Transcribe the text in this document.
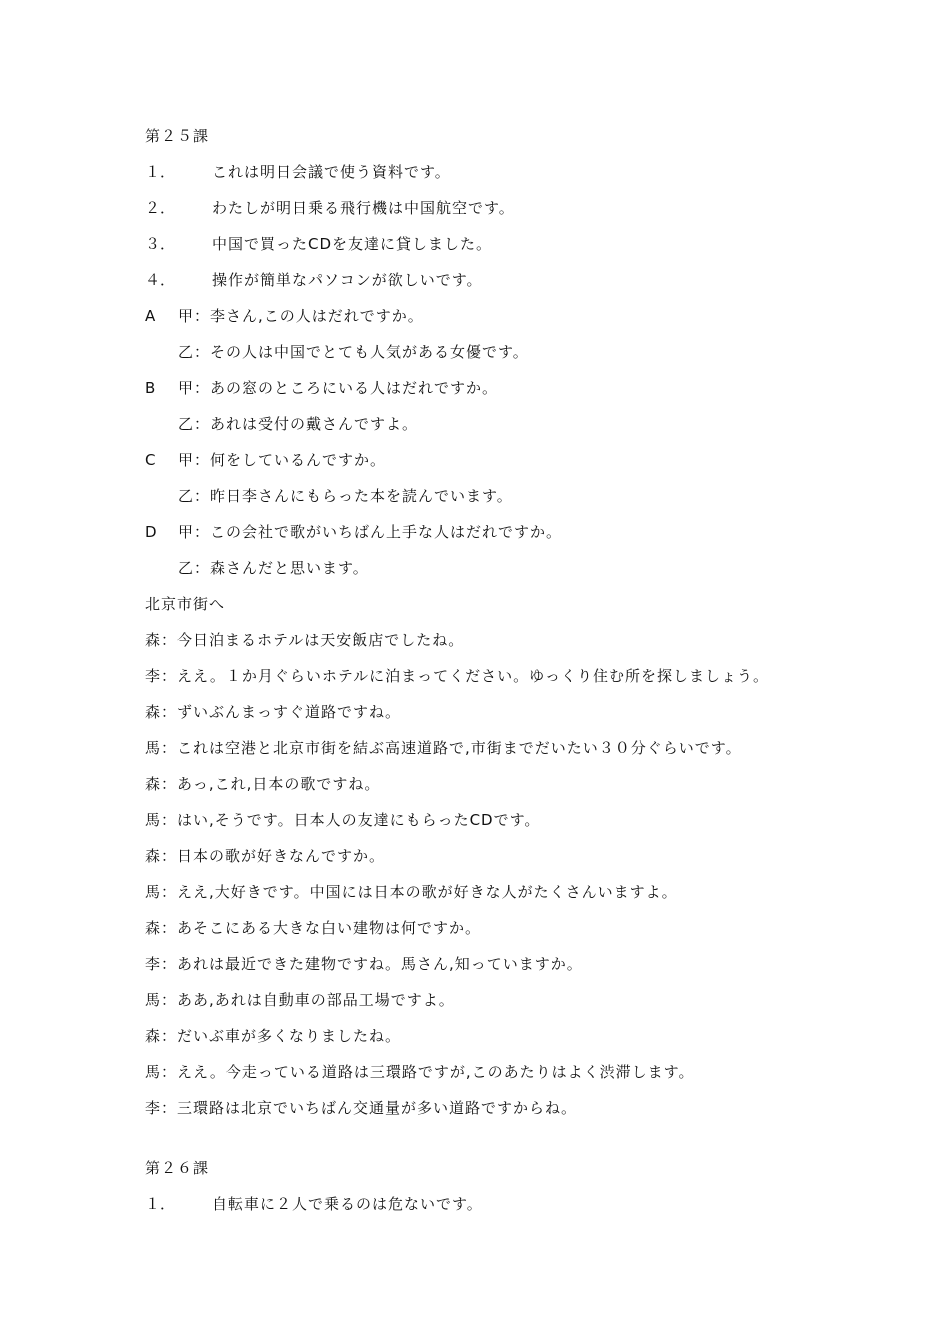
第２５課
１． これは明日会議で使う資料です。
２． わたしが明日乗る飛行機は中国航空です。
３． 中国で買ったCDを友達に貸しました。
４． 操作が簡単なパソコンが欲しいです。
A 甲：李さん,この人はだれですか。
乙：その人は中国でとても人気がある女優です。
B 甲：あの窓のところにいる人はだれですか。
乙：あれは受付の戴さんですよ。
C 甲：何をしているんですか。
乙：昨日李さんにもらった本を読んでいます。
D 甲：この会社で歌がいちばん上手な人はだれですか。
乙：森さんだと思います。
北京市街へ
森：今日泊まるホテルは天安飯店でしたね。
李：ええ。１か月ぐらいホテルに泊まってください。ゆっくり住む所を探しましょう。
森：ずいぶんまっすぐ道路ですね。
馬：これは空港と北京市街を結ぶ高速道路で,市街までだいたい３０分ぐらいです。
森：あっ,これ,日本の歌ですね。
馬：はい,そうです。日本人の友達にもらったCDです。
森：日本の歌が好きなんですか。
馬：ええ,大好きです。中国には日本の歌が好きな人がたくさんいますよ。
森：あそこにある大きな白い建物は何ですか。
李：あれは最近できた建物ですね。馬さん,知っていますか。
馬：ああ,あれは自動車の部品工場ですよ。
森：だいぶ車が多くなりましたね。
馬：ええ。今走っている道路は三環路ですが,このあたりはよく渋滞します。
李：三環路は北京でいちばん交通量が多い道路ですからね。
第２６課
１． 自転車に２人で乗るのは危ないです。
